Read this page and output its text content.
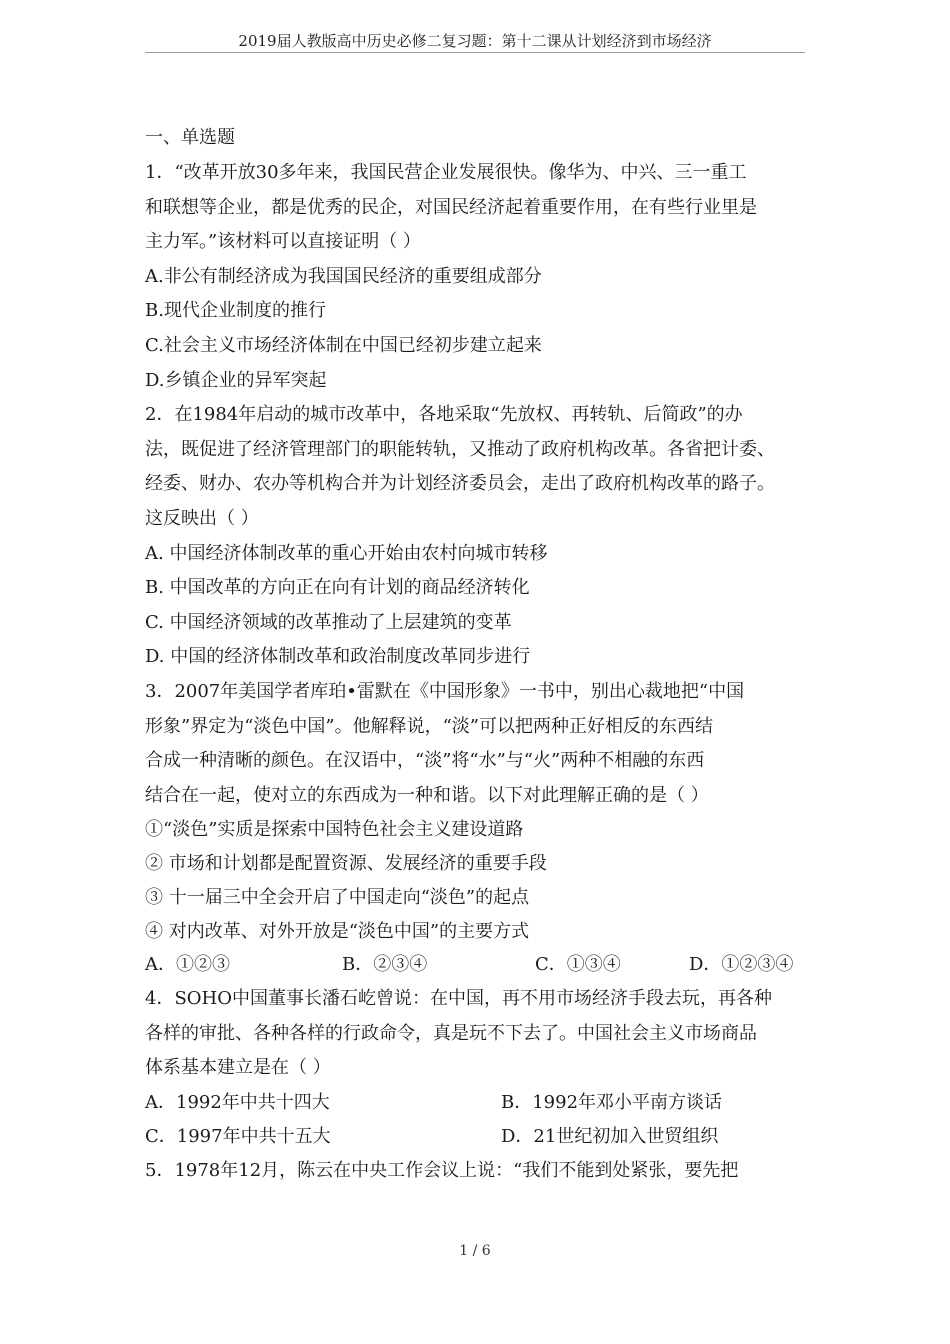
2019届人教版高中历史必修二复习题：第十二课从计划经济到市场经济
一、单选题
1．“改革开放30多年来，我国民营企业发展很快。像华为、中兴、三一重工
和联想等企业，都是优秀的民企，对国民经济起着重要作用，在有些行业里是
主力军。”该材料可以直接证明（ ）
A.非公有制经济成为我国国民经济的重要组成部分
B.现代企业制度的推行
C.社会主义市场经济体制在中国已经初步建立起来
D.乡镇企业的异军突起
2．在1984年启动的城市改革中，各地采取“先放权、再转轨、后简政”的办
法，既促进了经济管理部门的职能转轨，又推动了政府机构改革。各省把计委、
经委、财办、农办等机构合并为计划经济委员会，走出了政府机构改革的路子。
这反映出（ ）
A. 中国经济体制改革的重心开始由农村向城市转移
B. 中国改革的方向正在向有计划的商品经济转化
C. 中国经济领域的改革推动了上层建筑的变革
D. 中国的经济体制改革和政治制度改革同步进行
3．2007年美国学者库珀•雷默在《中国形象》一书中，别出心裁地把“中国
形象”界定为“淡色中国”。他解释说，“淡”可以把两种正好相反的东西结
合成一种清晰的颜色。在汉语中，“淡”将“水”与“火”两种不相融的东西
结合在一起，使对立的东西成为一种和谐。以下对此理解正确的是（ ）
①“淡色”实质是探索中国特色社会主义建设道路
② 市场和计划都是配置资源、发展经济的重要手段
③ 十一届三中全会开启了中国走向“淡色”的起点
④ 对内改革、对外开放是“淡色中国”的主要方式
A．①②③	B．②③④	C．①③④	D．①②③④
4．SOHO中国董事长潘石屹曾说：在中国，再不用市场经济手段去玩，再各种
各样的审批、各种各样的行政命令，真是玩不下去了。中国社会主义市场商品
体系基本建立是在（ ）
A．1992年中共十四大	B．1992年邓小平南方谈话
C．1997年中共十五大	D．21世纪初加入世贸组织
5．1978年12月，陈云在中央工作会议上说：“我们不能到处紧张，要先把
1 / 6
